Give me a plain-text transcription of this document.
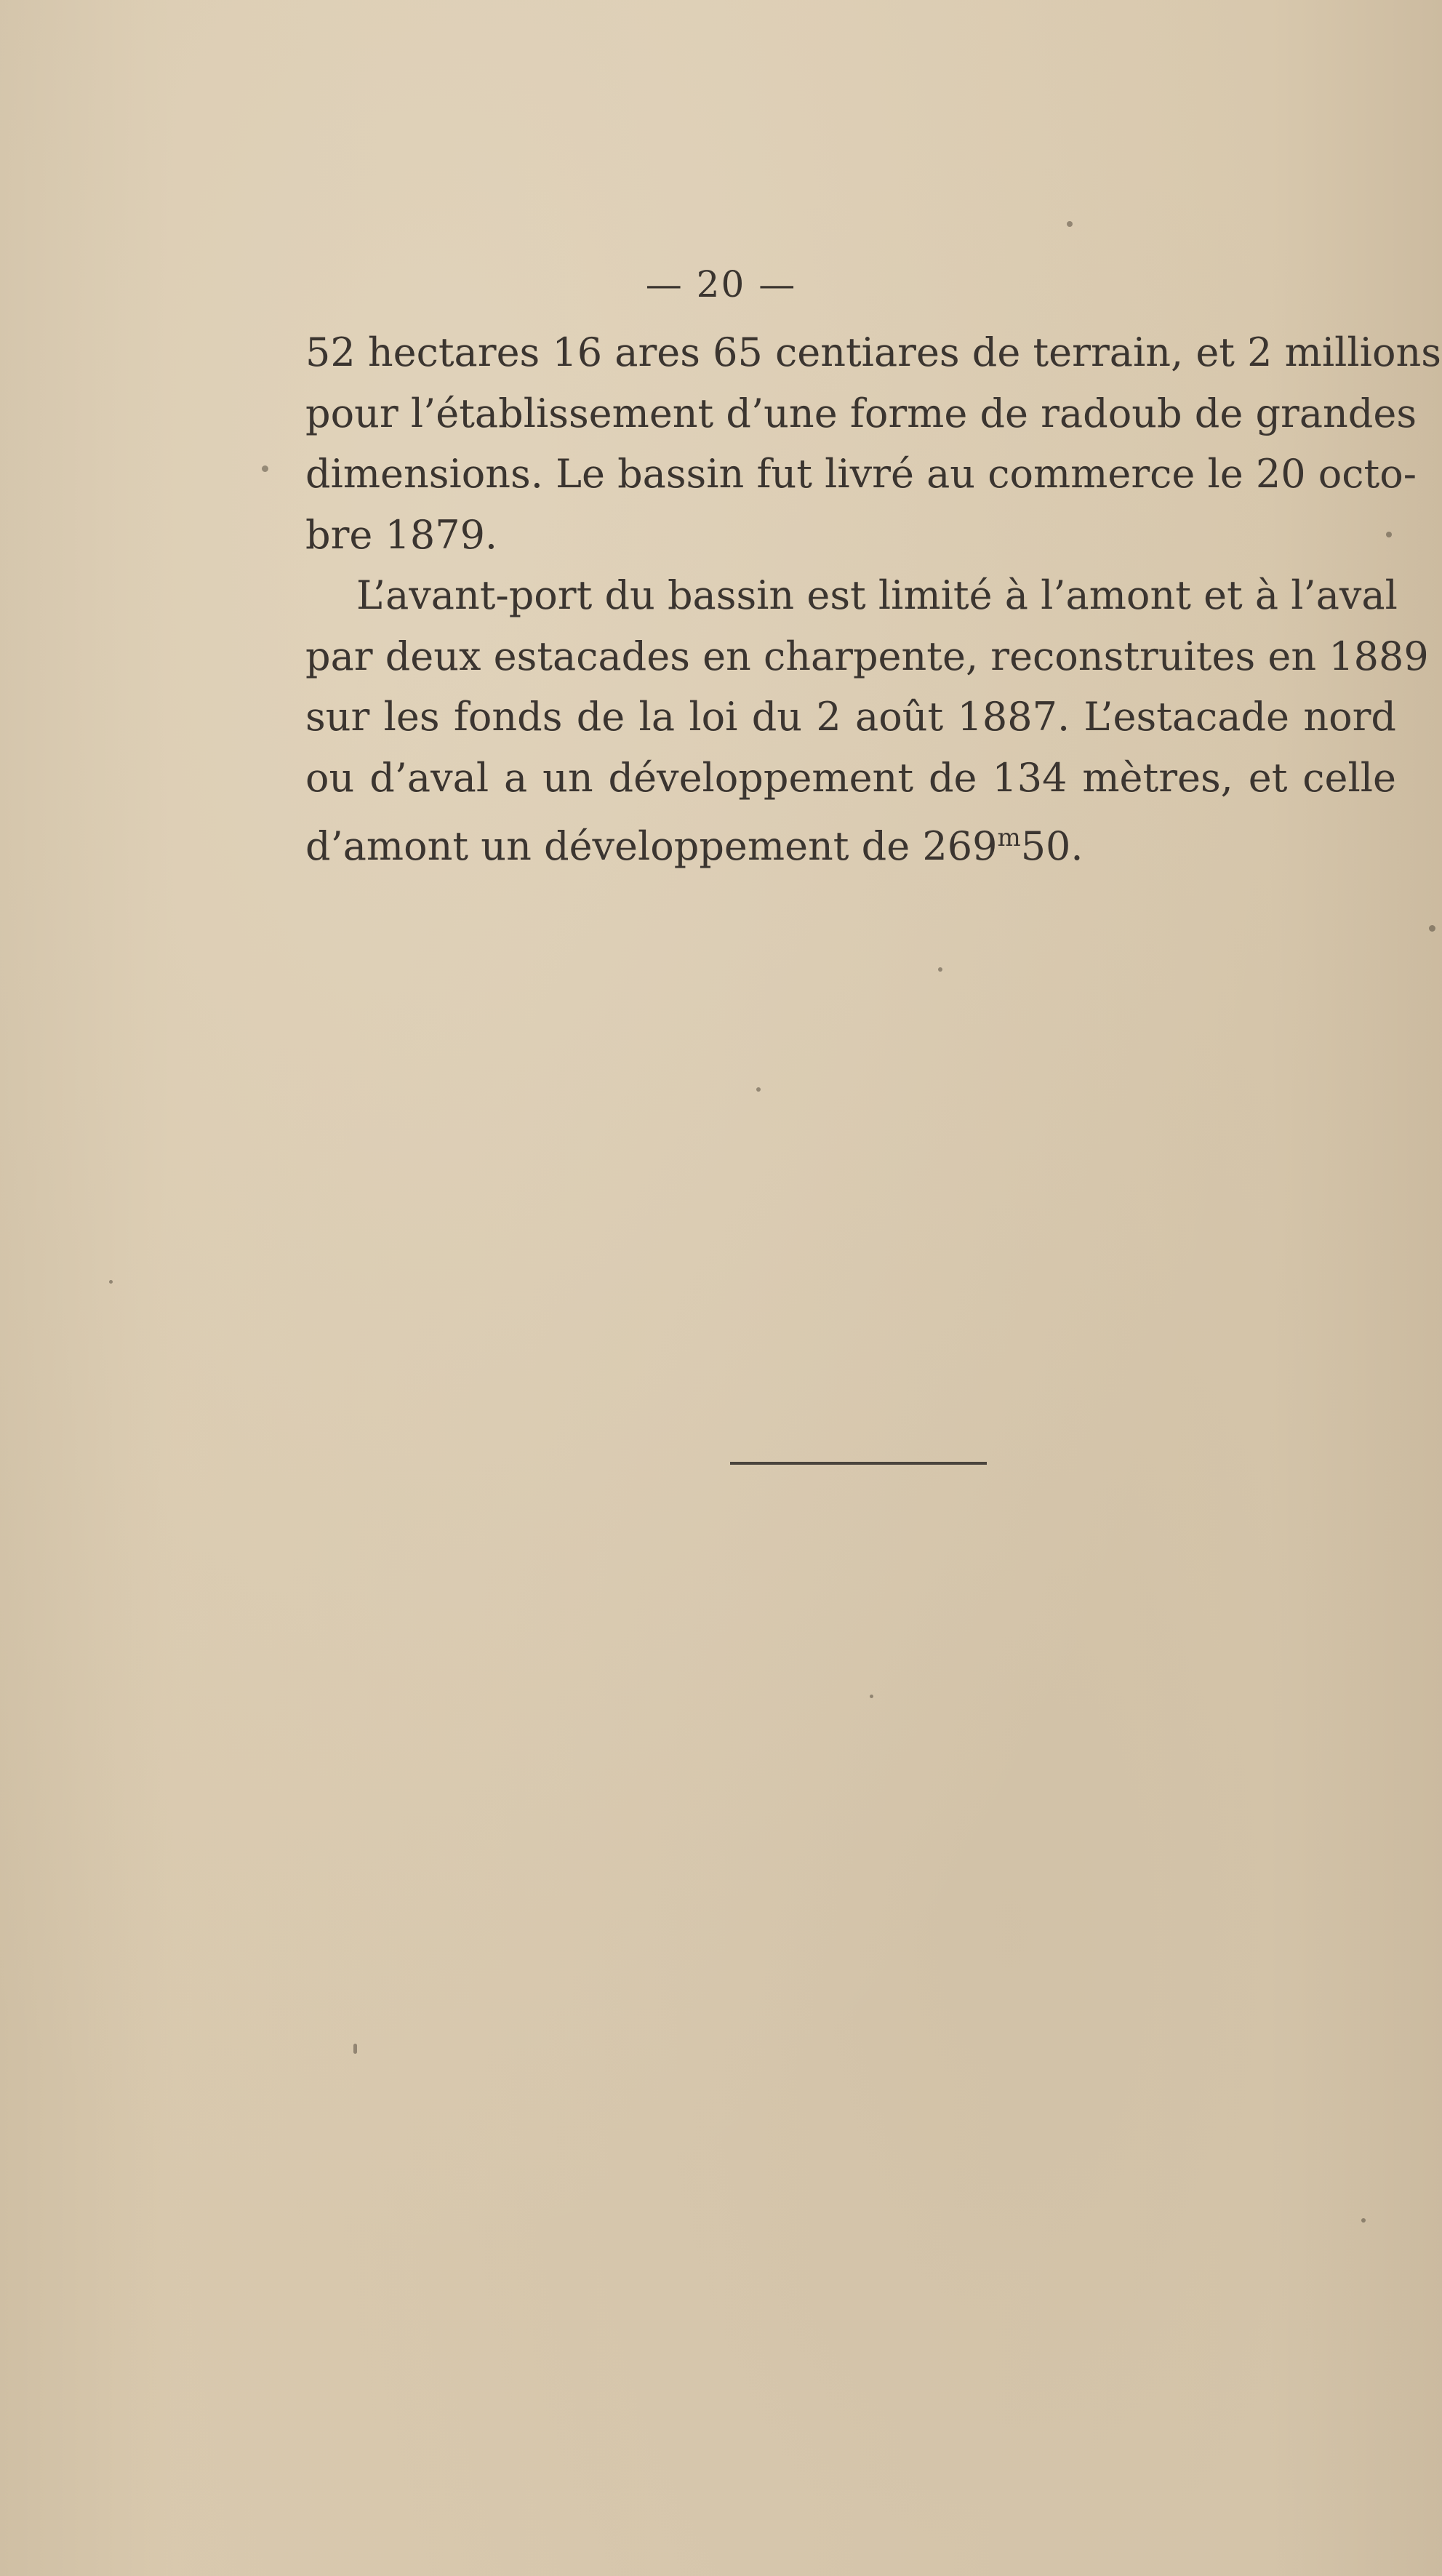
— 20 —
52 hectares 16 ares 65 centiares de terrain, et 2 millions
pour l’établissement d’une forme de radoub de grandes
dimensions. Le bassin fut livré au commerce le 20 octo-
bre 1879.
L’avant-port du bassin est limité à l’amont et à l’aval
par deux estacades en charpente, reconstruites en 1889
sur les fonds de la loi du 2 août 1887. L’estacade nord
ou d’aval a un développement de 134 mètres, et celle
d’amont un développement de 269$^m$50.
